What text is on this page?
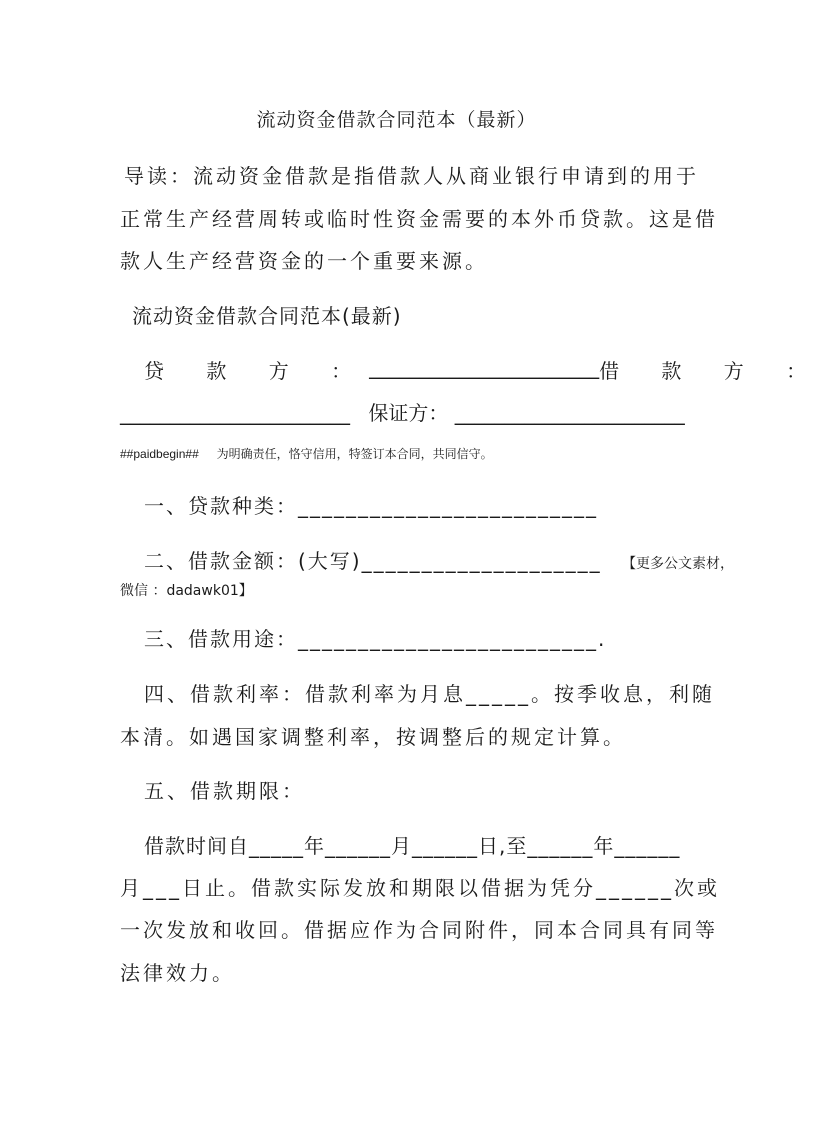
流动资金借款合同范本（最新）
导读：流动资金借款是指借款人从商业银行申请到的用于
正常生产经营周转或临时性资金需要的本外币贷款。这是借
款人生产经营资金的一个重要来源。
流动资金借款合同范本(最新)
贷 款 方 ： _______________________ 借 款 方 ：
_______________________ 保证方： _______________________
##paidbegin## 为明确责任，恪守信用，特签订本合同，共同信守。
一、贷款种类：_________________________
二、借款金额：(大写)____________________ 【更多公文素材，
微信 ：dadawk01】
三、借款用途：_________________________.
四、借款利率：借款利率为月息_____。按季收息，利随
本清。如遇国家调整利率，按调整后的规定计算。
五、借款期限：
借款时间自_____年______月______日,至______年______
月___日止。借款实际发放和期限以借据为凭分______次或
一次发放和收回。借据应作为合同附件，同本合同具有同等
法律效力。
